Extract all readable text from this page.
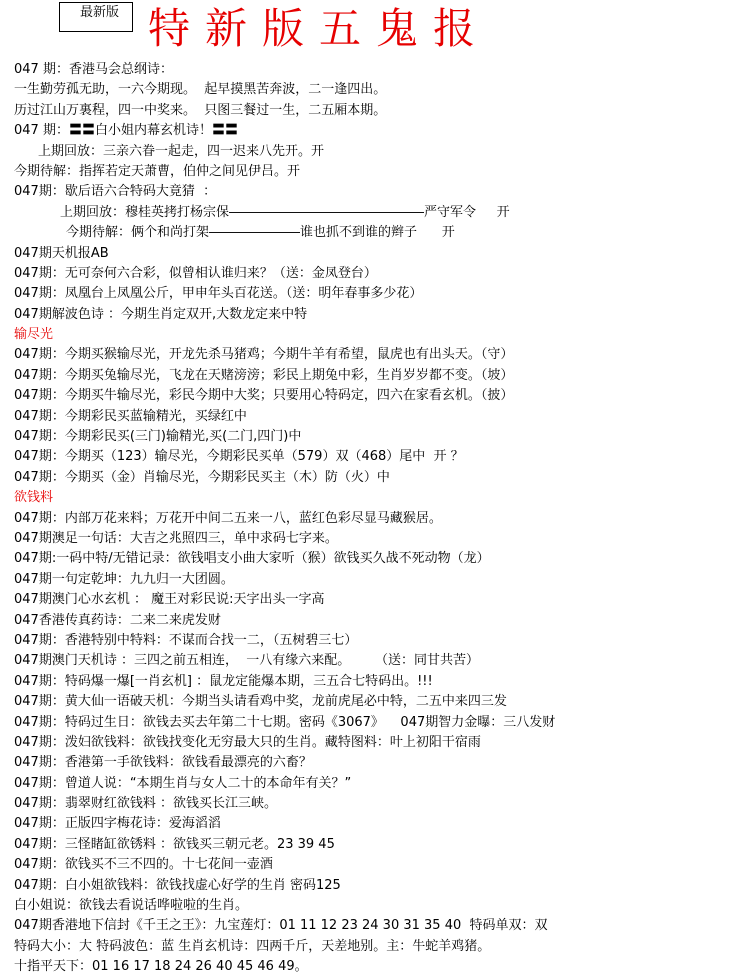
最新版 特新版五鬼报
047 期：香港马会总纲诗：
一生勤劳孤无助，一六今期现。  起早摸黑苦奔波，二一逢四出。
历过江山万裏程，四一中奖来。  只图三餐过一生，二五厢本期。
047 期：〓〓白小姐内幕玄机诗！〓〓
上期回放：三亲六眷一起走，四一迟来八先开。开
今期待解：指挥若定天萧曹，伯仲之间见伊吕。开
047期：歇后语六合特码大竟猜  ：
上期回放：穆桂英拷打杨宗保―――――――――――――――严守军令     开
今期待解：俩个和尚打架―――――――谁也抓不到谁的辫子      开
047期天机报AB
047期：无可奈何六合彩，似曾相认谁归来？（送：金凤登台）
047期：凤凰台上凤凰公斤，甲申年头百花送。（送：明年春事多少花）
047期解波色诗 ：今期生肖定双开,大数龙定来中特
输尽光
047期：今期买猴输尽光，开龙先杀马猪鸡；今期牛羊有希望，鼠虎也有出头天。（守）
047期：今期买兔输尽光，飞龙在天赌滂滂；彩民上期兔中彩，生肖岁岁都不变。（坡）
047期：今期买牛输尽光，彩民今期中大奖；只要用心特码定，四六在家看玄机。（披）
047期：今期彩民买蓝输精光，买绿红中
047期：今期彩民买(三门)输精光,买(二门,四门)中
047期：今期买（123）输尽光，今期彩民买单（579）双（468）尾中  开 ？
047期：今期买（金）肖输尽光，今期彩民买主（木）防（火）中
欲钱料
047期：内部万花来料；万花开中间二五来一八，蓝红色彩尽显马藏猴居。
047期澳足一句话：大吉之兆照四三，单中求码七字来。
047期:一码中特/无错记录：欲钱唱支小曲大家听（猴）欲钱买久战不死动物（龙）
047期一句定乾坤：九九归一大团圆。
047期澳门心水玄机 ： 魔王对彩民说:天字出头一字高
047香港传真药诗：二来二来虎发财
047期：香港特别中特料：不谋而合找一二，（五树碧三七）
047期澳门天机诗 ：三四之前五相连，  一八有缘六来配。      （送：同甘共苦）
047期：特码爆一爆[一肖玄机] ：鼠龙定能爆本期，三五合七特码出。!!!
047期：黄大仙一语破天机：今期当头请看鸡中奖，龙前虎尾必中特，二五中来四三发
047期：特码过生日：欲钱去买去年第二十七期。密码《3067》    047期智力金曝：三八发财
047期：泼妇欲钱料：欲钱找变化无穷最大只的生肖。藏特图料：叶上初阳干宿雨
047期：香港第一手欲钱料：欲钱看最漂亮的六畜？
047期：曾道人说：“本期生肖与女人二十的本命年有关？”
047期：翡翠财红欲钱料 ：欲钱买长江三峡。
047期：正版四字梅花诗：爱海滔滔
047期：三怪睹缸欲锈料 ：欲钱买三朝元老。23 39 45
047期：欲钱买不三不四的。十七花间一壶酒
047期：白小姐欲钱料：欲钱找虚心好学的生肖 密码125
白小姐说：欲钱去看说话哗啦啦的生肖。
047期香港地下信封《千王之王》：九宝莲灯：01 11 12 23 24 30 31 35 40  特码单双：双
特码大小：大 特码波色：蓝 生肖玄机诗：四两千斤，天差地别。主：牛蛇羊鸡猪。
十指平天下：01 16 17 18 24 26 40 45 46 49。
